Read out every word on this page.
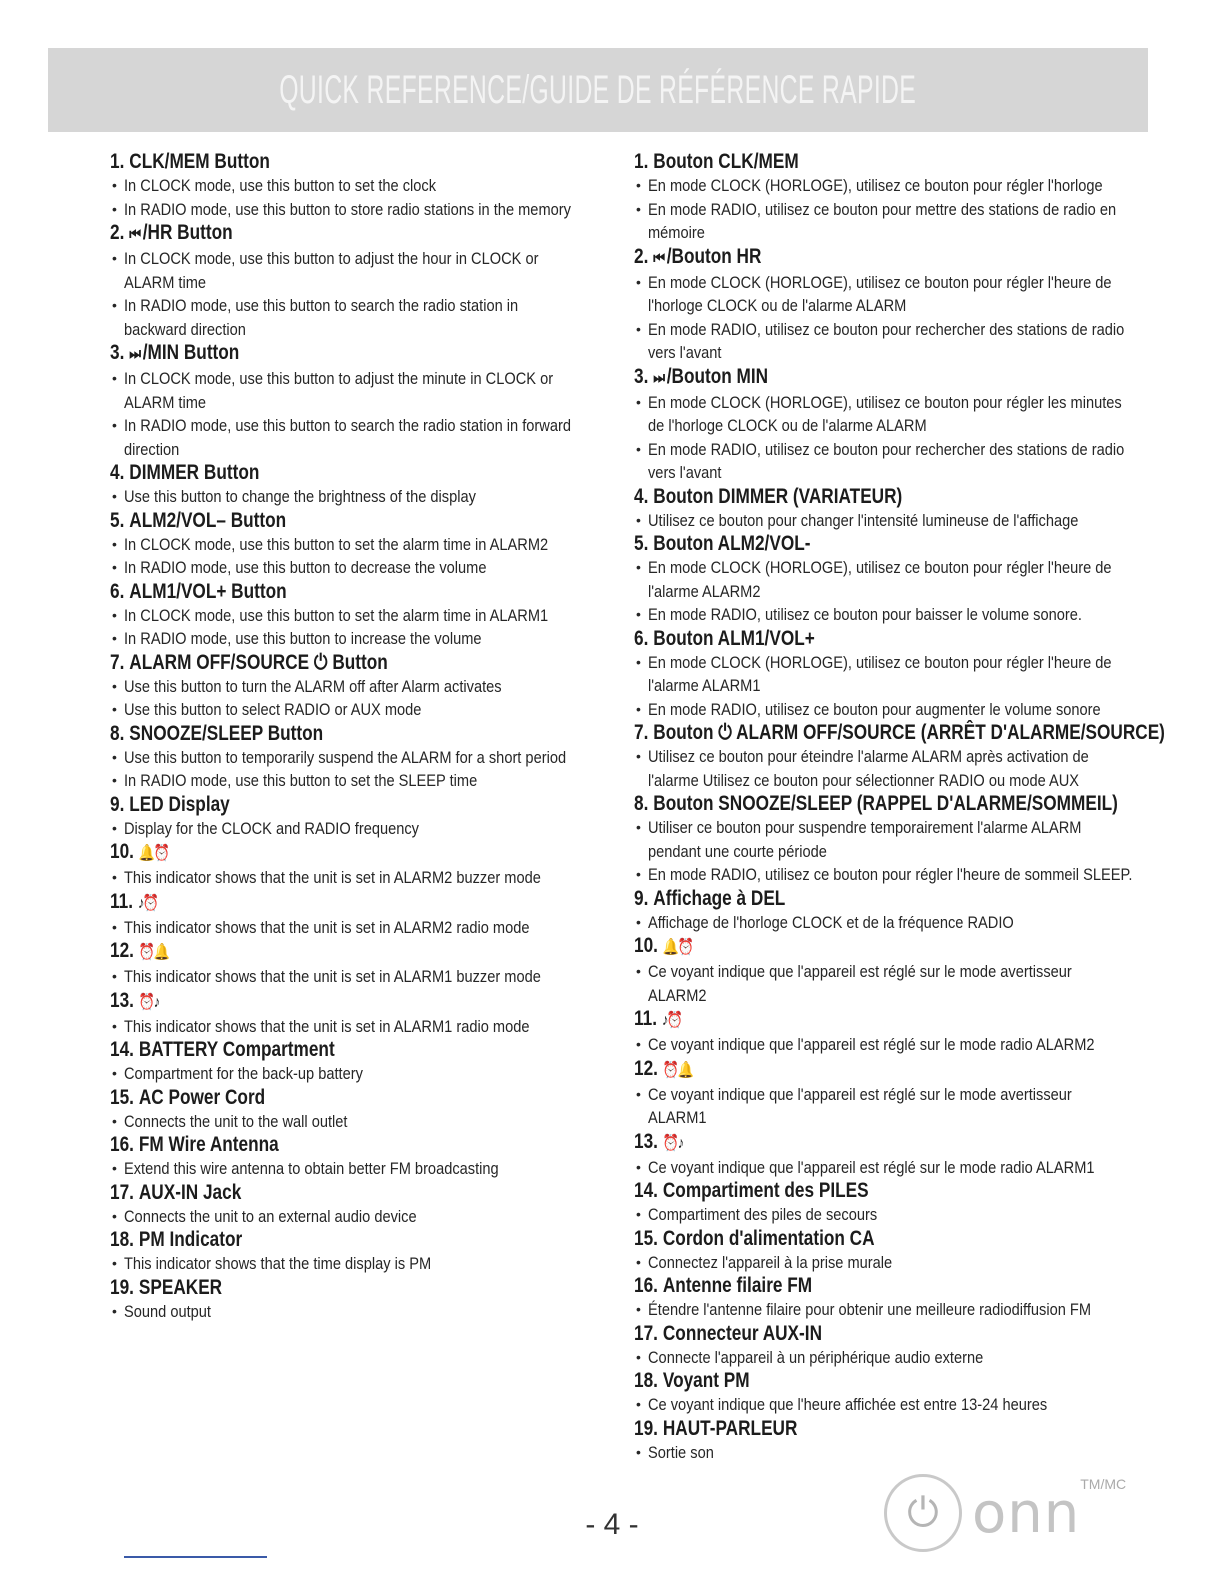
QUICK REFERENCE/GUIDE DE RÉFÉRENCE RAPIDE
1. CLK/MEM Button
• In CLOCK mode, use this button to set the clock
• In RADIO mode, use this button to store radio stations in the memory
2. ⏮ /HR Button
• In CLOCK mode, use this button to adjust the hour in CLOCK or ALARM time
• In RADIO mode, use this button to search the radio station in backward direction
3. ⏭ /MIN Button
• In CLOCK mode, use this button to adjust the minute in CLOCK or ALARM time
• In RADIO mode, use this button to search the radio station in forward direction
4. DIMMER Button
• Use this button to change the brightness of the display
5. ALM2/VOL– Button
• In CLOCK mode, use this button to set the alarm time in ALARM2
• In RADIO mode, use this button to decrease the volume
6. ALM1/VOL+ Button
• In CLOCK mode, use this button to set the alarm time in ALARM1
• In RADIO mode, use this button to increase the volume
7. ALARM OFF/SOURCE ⏻ Button
• Use this button to turn the ALARM off after Alarm activates
• Use this button to select RADIO or AUX mode
8. SNOOZE/SLEEP Button
• Use this button to temporarily suspend the ALARM for a short period
• In RADIO mode, use this button to set the SLEEP time
9. LED Display
• Display for the CLOCK and RADIO frequency
10. 🔔⏰
• This indicator shows that the unit is set in ALARM2 buzzer mode
11. ♪⏰
• This indicator shows that the unit is set in ALARM2 radio mode
12. ⏰🔔
• This indicator shows that the unit is set in ALARM1 buzzer mode
13. ⏰♪
• This indicator shows that the unit is set in ALARM1 radio mode
14. BATTERY Compartment
• Compartment for the back-up battery
15. AC Power Cord
• Connects the unit to the wall outlet
16. FM Wire Antenna
• Extend this wire antenna to obtain better FM broadcasting
17. AUX-IN Jack
• Connects the unit to an external audio device
18. PM Indicator
• This indicator shows that the time display is PM
19. SPEAKER
• Sound output
1. Bouton CLK/MEM
• En mode CLOCK (HORLOGE), utilisez ce bouton pour régler l'horloge
• En mode RADIO, utilisez ce bouton pour mettre des stations de radio en mémoire
2. ⏮ /Bouton HR
• En mode CLOCK (HORLOGE), utilisez ce bouton pour régler l'heure de l'horloge CLOCK ou de l'alarme ALARM
• En mode RADIO, utilisez ce bouton pour rechercher des stations de radio vers l'avant
3. ⏭ /Bouton MIN
• En mode CLOCK (HORLOGE), utilisez ce bouton pour régler les minutes de l'horloge CLOCK ou de l'alarme ALARM
• En mode RADIO, utilisez ce bouton pour rechercher des stations de radio vers l'avant
4. Bouton DIMMER (VARIATEUR)
• Utilisez ce bouton pour changer l'intensité lumineuse de l'affichage
5. Bouton ALM2/VOL-
• En mode CLOCK (HORLOGE), utilisez ce bouton pour régler l'heure de l'alarme ALARM2
• En mode RADIO, utilisez ce bouton pour baisser le volume sonore.
6. Bouton ALM1/VOL+
• En mode CLOCK (HORLOGE), utilisez ce bouton pour régler l'heure de l'alarme ALARM1
• En mode RADIO, utilisez ce bouton pour augmenter le volume sonore
7. Bouton ⏻ ALARM OFF/SOURCE (ARRÊT D'ALARME/SOURCE)
• Utilisez ce bouton pour éteindre l'alarme ALARM après activation de l'alarme Utilisez ce bouton pour sélectionner RADIO ou mode AUX
8. Bouton SNOOZE/SLEEP (RAPPEL D'ALARME/SOMMEIL)
• Utiliser ce bouton pour suspendre temporairement l'alarme ALARM pendant une courte période
• En mode RADIO, utilisez ce bouton pour régler l'heure de sommeil SLEEP.
9. Affichage à DEL
• Affichage de l'horloge CLOCK et de la fréquence RADIO
10. 🔔⏰
• Ce voyant indique que l'appareil est réglé sur le mode avertisseur ALARM2
11. ♪⏰
• Ce voyant indique que l'appareil est réglé sur le mode radio ALARM2
12. ⏰🔔
• Ce voyant indique que l'appareil est réglé sur le mode avertisseur ALARM1
13. ⏰♪
• Ce voyant indique que l'appareil est réglé sur le mode radio ALARM1
14. Compartiment des PILES
• Compartiment des piles de secours
15. Cordon d'alimentation CA
• Connectez l'appareil à la prise murale
16. Antenne filaire FM
• Étendre l'antenne filaire pour obtenir une meilleure radiodiffusion FM
17. Connecteur AUX-IN
• Connecte l'appareil à un périphérique audio externe
18. Voyant PM
• Ce voyant indique que l'heure affichée est entre 13-24 heures
19. HAUT-PARLEUR
• Sortie son
- 4 -	⏻ onn TM/MC
